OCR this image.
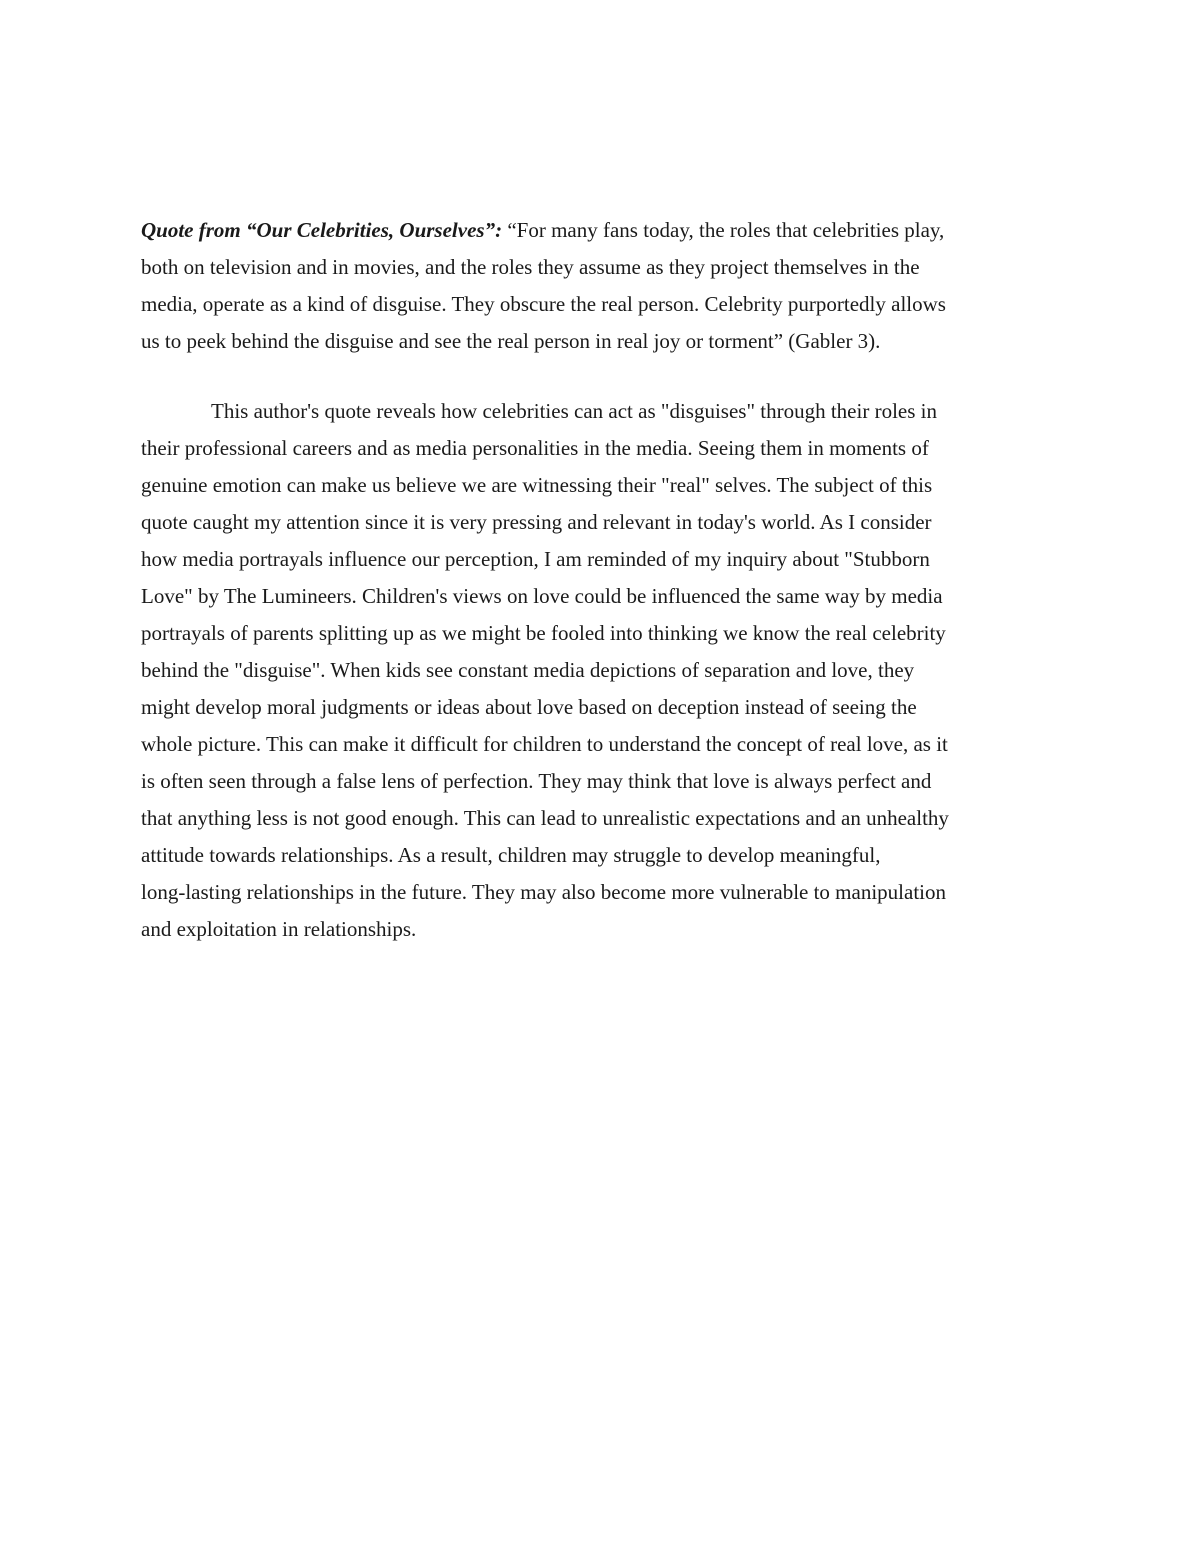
Quote from “Our Celebrities, Ourselves”: “For many fans today, the roles that celebrities play,
both on television and in movies, and the roles they assume as they project themselves in the
media, operate as a kind of disguise. They obscure the real person. Celebrity purportedly allows
us to peek behind the disguise and see the real person in real joy or torment” (Gabler 3).
This author's quote reveals how celebrities can act as "disguises" through their roles in
their professional careers and as media personalities in the media. Seeing them in moments of
genuine emotion can make us believe we are witnessing their "real" selves. The subject of this
quote caught my attention since it is very pressing and relevant in today's world. As I consider
how media portrayals influence our perception, I am reminded of my inquiry about "Stubborn
Love" by The Lumineers. Children's views on love could be influenced the same way by media
portrayals of parents splitting up as we might be fooled into thinking we know the real celebrity
behind the "disguise". When kids see constant media depictions of separation and love, they
might develop moral judgments or ideas about love based on deception instead of seeing the
whole picture. This can make it difficult for children to understand the concept of real love, as it
is often seen through a false lens of perfection. They may think that love is always perfect and
that anything less is not good enough. This can lead to unrealistic expectations and an unhealthy
attitude towards relationships. As a result, children may struggle to develop meaningful,
long-lasting relationships in the future. They may also become more vulnerable to manipulation
and exploitation in relationships.
